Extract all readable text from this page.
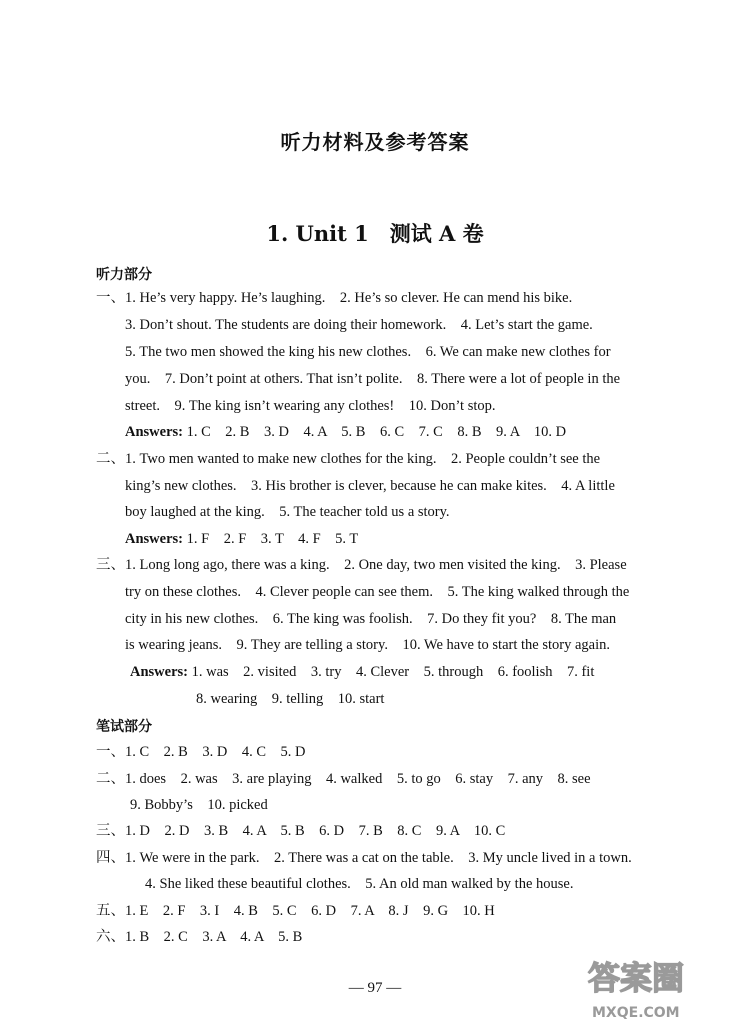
听力材料及参考答案
1. Unit 1　测试 A 卷
听力部分
一、1. He’s very happy. He’s laughing.　2. He’s so clever. He can mend his bike.
3. Don’t shout. The students are doing their homework.　4. Let’s start the game.
5. The two men showed the king his new clothes.　6. We can make new clothes for
you.　7. Don’t point at others. That isn’t polite.　8. There were a lot of people in the
street.　9. The king isn’t wearing any clothes!　10. Don’t stop.
Answers: 1. C　2. B　3. D　4. A　5. B　6. C　7. C　8. B　9. A　10. D
二、1. Two men wanted to make new clothes for the king.　2. People couldn’t see the
king’s new clothes.　3. His brother is clever, because he can make kites.　4. A little
boy laughed at the king.　5. The teacher told us a story.
Answers: 1. F　2. F　3. T　4. F　5. T
三、1. Long long ago, there was a king.　2. One day, two men visited the king.　3. Please
try on these clothes.　4. Clever people can see them.　5. The king walked through the
city in his new clothes.　6. The king was foolish.　7. Do they fit you?　8. The man
is wearing jeans.　9. They are telling a story.　10. We have to start the story again.
Answers: 1. was　2. visited　3. try　4. Clever　5. through　6. foolish　7. fit
8. wearing　9. telling　10. start
笔试部分
一、1. C　2. B　3. D　4. C　5. D
二、1. does　2. was　3. are playing　4. walked　5. to go　6. stay　7. any　8. see
9. Bobby’s　10. picked
三、1. D　2. D　3. B　4. A　5. B　6. D　7. B　8. C　9. A　10. C
四、1. We were in the park.　2. There was a cat on the table.　3. My uncle lived in a town.
4. She liked these beautiful clothes.　5. An old man walked by the house.
五、1. E　2. F　3. I　4. B　5. C　6. D　7. A　8. J　9. G　10. H
六、1. B　2. C　3. A　4. A　5. B
— 97 —	答案圈
MXQE.COM
